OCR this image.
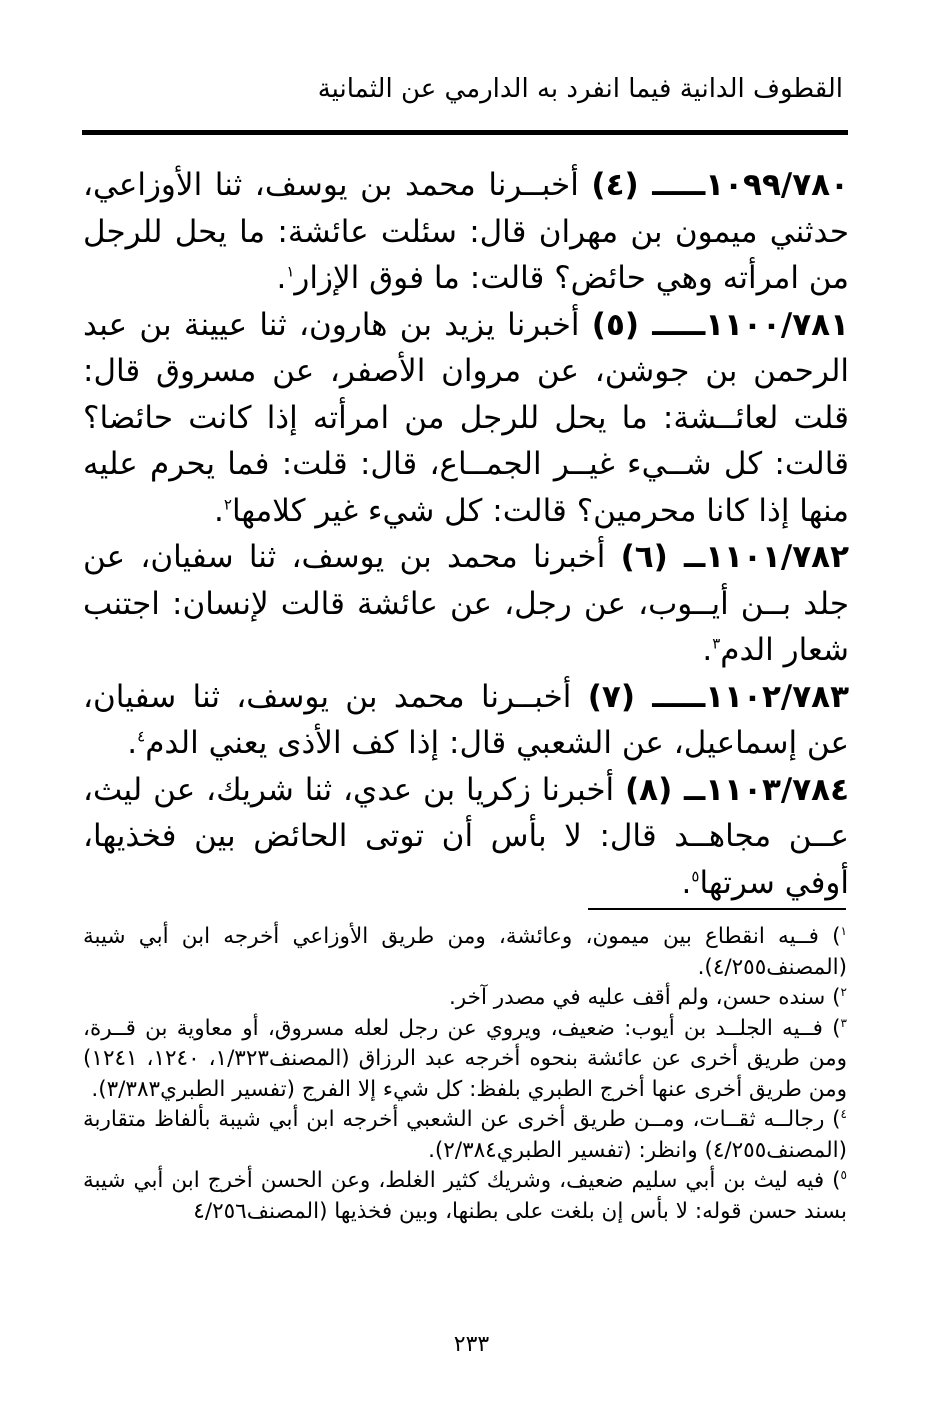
القطوف الدانية فيما انفرد به الدارمي عن الثمانية

١٠٩٩/٧٨٠ـــــ (٤) أخبــرنا محمد بن يوسف، ثنا الأوزاعي، حدثني ميمون بن مهران قال: سئلت عائشة: ما يحل للرجل من امرأته وهي حائض؟ قالت: ما فوق الإزار$^١$.

١١٠٠/٧٨١ـــــ (٥) أخبرنا يزيد بن هارون، ثنا عيينة بن عبد الرحمن بن جوشن، عن مروان الأصفر، عن مسروق قال: قلت لعائــشة: ما يحل للرجل من امرأته إذا كانت حائضا؟ قالت: كل شــيء غيــر الجمــاع، قال: قلت: فما يحرم عليه منها إذا كانا محرمين؟ قالت: كل شيء غير كلامها$^٢$.

١١٠١/٧٨٢ــ (٦) أخبرنا محمد بن يوسف، ثنا سفيان، عن جلد بــن أيــوب، عن رجل، عن عائشة قالت لإنسان: اجتنب شعار الدم$^٣$.

١١٠٢/٧٨٣ـــــ (٧) أخبــرنا محمد بن يوسف، ثنا سفيان، عن إسماعيل، عن الشعبي قال: إذا كف الأذى يعني الدم$^٤$.

١١٠٣/٧٨٤ــ (٨) أخبرنا زكريا بن عدي، ثنا شريك، عن ليث، عــن مجاهــد قال: لا بأس أن توتى الحائض بين فخذيها، أوفي سرتها$^٥$.

$^١$) فــيه انقطاع بين ميمون، وعائشة، ومن طريق الأوزاعي أخرجه ابن أبي شيبة (المصنف٤/٢٥٥).

$^٢$) سنده حسن، ولم أقف عليه في مصدر آخر.

$^٣$) فــيه الجلــد بن أيوب: ضعيف، ويروي عن رجل لعله مسروق، أو معاوية بن قــرة، ومن طريق أخرى عن عائشة بنحوه أخرجه عبد الرزاق (المصنف١/٣٢٣، ١٢٤٠، ١٢٤١) ومن طريق أخرى عنها أخرج الطبري بلفظ: كل شيء إلا الفرج (تفسير الطبري٣/٣٨٣).

$^٤$) رجالــه ثقــات، ومــن طريق أخرى عن الشعبي أخرجه ابن أبي شيبة بألفاظ متقاربة (المصنف٤/٢٥٥) وانظر: (تفسير الطبري٢/٣٨٤).

$^٥$) فيه ليث بن أبي سليم ضعيف، وشريك كثير الغلط، وعن الحسن أخرج ابن أبي شيبة بسند حسن قوله: لا بأس إن بلغت على بطنها، وبين فخذيها (المصنف٤/٢٥٦

٢٣٣
